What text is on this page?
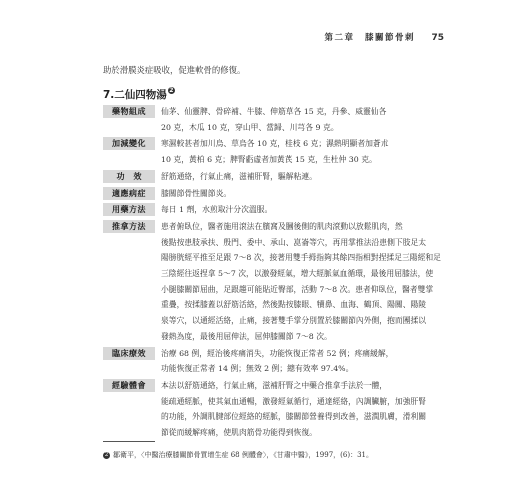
第二章 膝關節骨刺 75
助於滑膜炎症吸收，促進軟骨的修復。
7.二仙四物湯 2
藥物組成	仙茅、仙靈脾、骨碎補、牛膝、伸筋草各 15 克，丹參、威靈仙各
20 克，木瓜 10 克，穿山甲、當歸、川芎各 9 克。
加減變化	寒濕較甚者加川烏、草烏各 10 克，桂枝 6 克；濕熱明顯者加蒼朮
10 克，黃柏 6 克；脾腎虧虛者加黃芪 15 克，生杜仲 30 克。
功效	舒筋通絡，行氣止痛，滋補肝腎，驅解粘連。
適應病症	膝關節骨性關節炎。
用藥方法	每日 1 劑，水煎取汁分次溫服。
推拿方法	患者俯臥位，醫者施用滾法在臏窩及膕後側的肌肉滾動以放鬆肌肉，然
後點按患肢承扶、殷門、委中、承山、崑崙等穴，再用掌推法沿患側下肢足太
陽膀胱經平推至足跟 7～8 次，接著用雙手拇指夠其餘四指相對捏揉足三陽經和足
三陰經往返捏拿 5～7 次，以激發經氣，增大經脈氣血循環，最後用屈膝法，使
小腿膝關節屈曲，足跟趨可能貼近臀部，活動 7～8 次。患者仰臥位，醫者雙掌
重疊，按揉膝蓋以舒筋活絡，然後點按膝眼、犢鼻、血海、鶴頂、陽關、陽陵
泉等穴，以通經活絡，止痛，接著雙手掌分別置於膝關節內外側，抱而團揉以
發熱為度，最後用屈伸法，屈伸膝關節 7～8 次。
臨床療效	治療 68 例，經治後疼痛消失，功能恢復正常者 52 例；疼痛緩解，
功能恢復正常者 14 例；無效 2 例；總有效率 97.4%。
經驗體會	本法以舒筋通絡，行氣止痛，滋補肝腎之中藥合推拿手法於一體，
能疏通經脈，使其氣血通暢，激發經氣循行，通達經絡，內調臟腑，加強肝腎
的功能，外調肌腱部位經絡的經脈，膝關節營養得到改善，滋潤肌膚，滑利關
節從而緩解疼痛，使肌肉筋骨功能得到恢復。
2 鄒衛平，〈中醫治療膝關節骨質增生症 68 例體會〉，《甘肅中醫》，1997，(6)：31。
